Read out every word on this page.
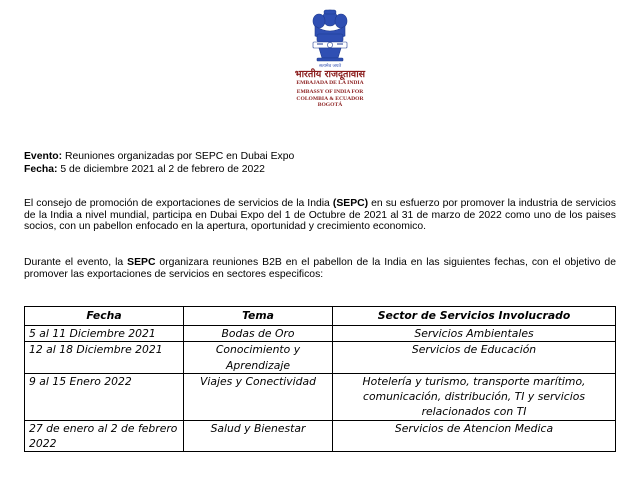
सत्यमेव जयते
भारतीय राजदूतावास
EMBAJADA DE LA INDIA
EMBASSY OF INDIA FOR
COLOMBIA & ECUADOR
BOGOTÁ
Evento: Reuniones organizadas por SEPC en Dubai Expo
Fecha: 5 de diciembre 2021 al 2 de febrero de 2022
El consejo de promoción de exportaciones de servicios de la India (SEPC) en su esfuerzo por promover la industria de servicios de la India a nivel mundial, participa en Dubai Expo del 1 de Octubre de 2021 al 31 de marzo de 2022 como uno de los paises socios, con un pabellon enfocado en la apertura, oportunidad y crecimiento economico.
Durante el evento, la SEPC organizara reuniones B2B en el pabellon de la India en las siguientes fechas, con el objetivo de promover las exportaciones de servicios en sectores especificos:
Fecha	Tema	Sector de Servicios Involucrado
5 al 11 Diciembre 2021	Bodas de Oro	Servicios Ambientales
12 al 18 Diciembre 2021	Conocimiento y Aprendizaje	Servicios de Educación
9 al 15 Enero 2022	Viajes y Conectividad	Hotelería y turismo, transporte marítimo, comunicación, distribución, TI y servicios relacionados con TI
27 de enero al 2 de febrero 2022	Salud y Bienestar	Servicios de Atencion Medica
